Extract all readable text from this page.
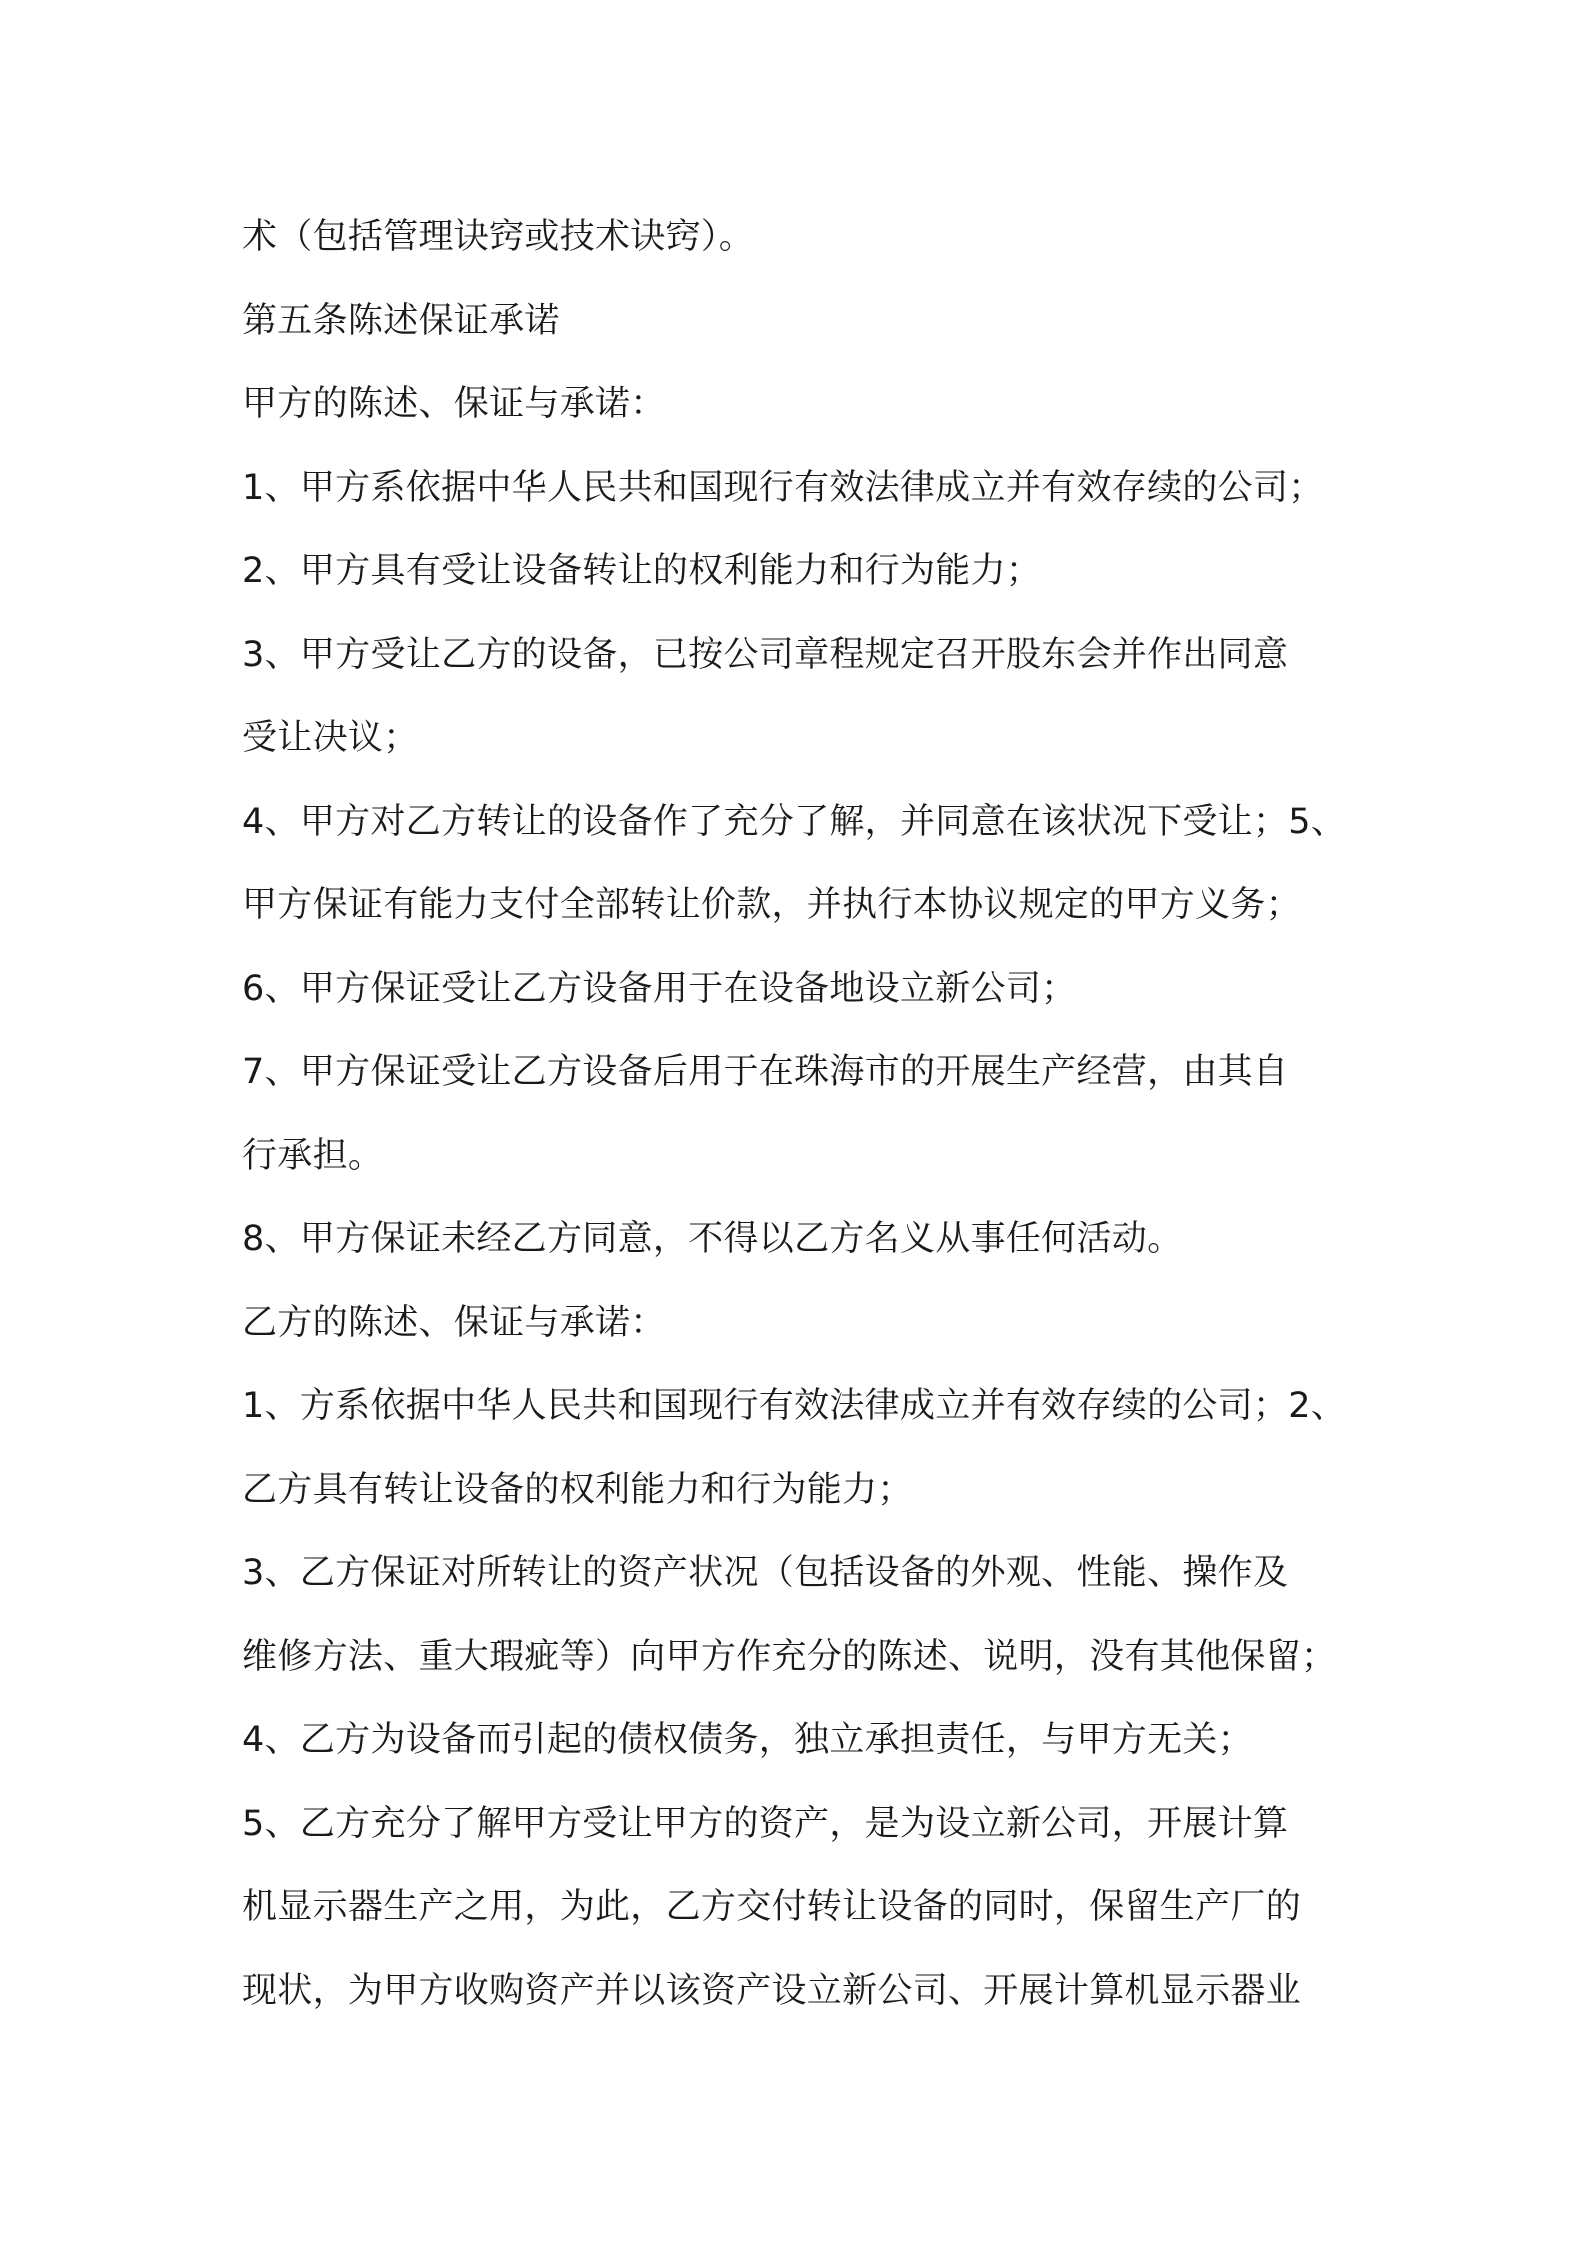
术（包括管理诀窍或技术诀窍）。

第五条陈述保证承诺

甲方的陈述、保证与承诺：

1、甲方系依据中华人民共和国现行有效法律成立并有效存续的公司；

2、甲方具有受让设备转让的权利能力和行为能力；

3、甲方受让乙方的设备，已按公司章程规定召开股东会并作出同意

受让决议；

4、甲方对乙方转让的设备作了充分了解，并同意在该状况下受让；5、

甲方保证有能力支付全部转让价款，并执行本协议规定的甲方义务；

6、甲方保证受让乙方设备用于在设备地设立新公司；

7、甲方保证受让乙方设备后用于在珠海市的开展生产经营，由其自

行承担。

8、甲方保证未经乙方同意，不得以乙方名义从事任何活动。

乙方的陈述、保证与承诺：

1、方系依据中华人民共和国现行有效法律成立并有效存续的公司；2、

乙方具有转让设备的权利能力和行为能力；

3、乙方保证对所转让的资产状况（包括设备的外观、性能、操作及

维修方法、重大瑕疵等）向甲方作充分的陈述、说明，没有其他保留；

4、乙方为设备而引起的债权债务，独立承担责任，与甲方无关；

5、乙方充分了解甲方受让甲方的资产，是为设立新公司，开展计算

机显示器生产之用，为此，乙方交付转让设备的同时，保留生产厂的

现状，为甲方收购资产并以该资产设立新公司、开展计算机显示器业
